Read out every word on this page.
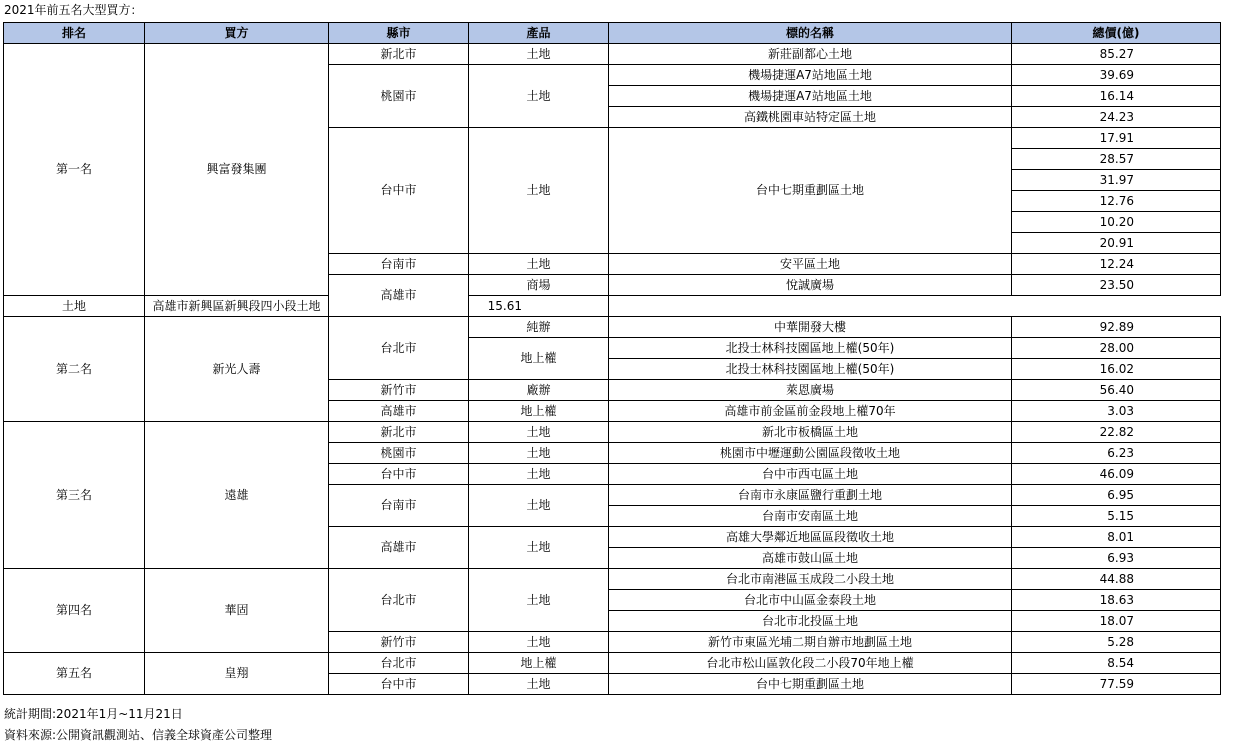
2021年前五名大型買方：
排名	買方	縣市	產品	標的名稱	總價(億)
第一名	興富發集團	新北市	土地	新莊副都心土地	85.27
		桃園市	土地	機場捷運A7站地區土地	39.69
				機場捷運A7站地區土地	16.14
				高鐵桃園車站特定區土地	24.23
		台中市	土地	台中七期重劃區土地	17.91
					28.57
					31.97
					12.76
					10.20
					20.91
		台南市	土地	安平區土地	12.24
		高雄市	商場	悅誠廣場	23.50
土地	高雄市新興區新興段四小段土地		15.61		
第二名	新光人壽	台北市	純辦	中華開發大樓	92.89
			地上權	北投士林科技園區地上權(50年)	28.00
				北投士林科技園區地上權(50年)	16.02
		新竹市	廠辦	萊恩廣場	56.40
		高雄市	地上權	高雄市前金區前金段地上權70年	3.03
第三名	遠雄	新北市	土地	新北市板橋區土地	22.82
		桃園市	土地	桃園市中壢運動公園區段徵收土地	6.23
		台中市	土地	台中市西屯區土地	46.09
		台南市	土地	台南市永康區鹽行重劃土地	6.95
				台南市安南區土地	5.15
		高雄市	土地	高雄大學鄰近地區區段徵收土地	8.01
				高雄市鼓山區土地	6.93
第四名	華固	台北市	土地	台北市南港區玉成段二小段土地	44.88
				台北市中山區金泰段土地	18.63
				台北市北投區土地	18.07
		新竹市	土地	新竹市東區光埔二期自辦市地劃區土地	5.28
第五名	皇翔	台北市	地上權	台北市松山區敦化段二小段70年地上權	8.54
		台中市	土地	台中七期重劃區土地	77.59
統計期間:2021年1月~11月21日
資料來源:公開資訊觀測站、信義全球資產公司整理
